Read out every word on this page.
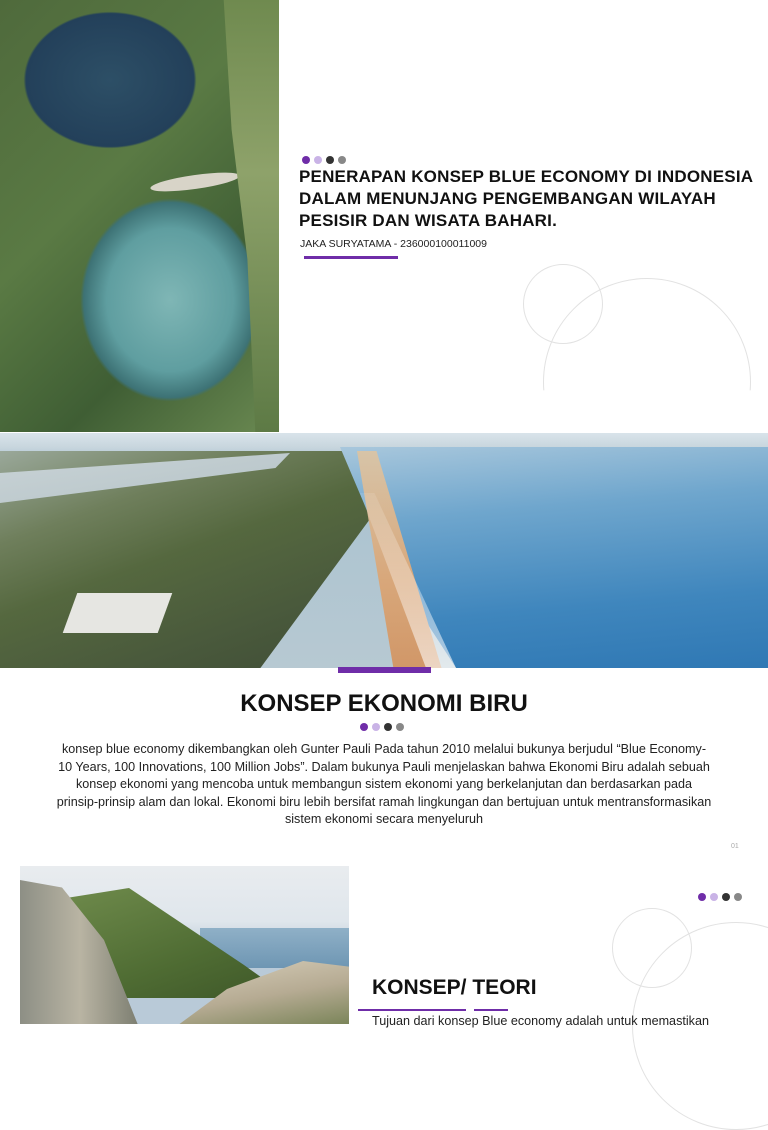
PENERAPAN KONSEP BLUE ECONOMY DI INDONESIA DALAM MENUNJANG PENGEMBANGAN WILAYAH PESISIR DAN WISATA BAHARI.
JAKA SURYATAMA - 236000100011009
KONSEP EKONOMI BIRU
konsep blue economy dikembangkan oleh Gunter Pauli Pada tahun 2010 melalui bukunya berjudul “Blue Economy-10 Years, 100 Innovations, 100 Million Jobs”. Dalam bukunya Pauli menjelaskan bahwa Ekonomi Biru adalah sebuah konsep ekonomi yang mencoba untuk membangun sistem ekonomi yang berkelanjutan dan berdasarkan pada prinsip-prinsip alam dan lokal. Ekonomi biru lebih bersifat ramah lingkungan dan bertujuan untuk mentransformasikan sistem ekonomi secara menyeluruh
01
KONSEP/ TEORI
Tujuan dari konsep Blue economy adalah untuk memastikan
